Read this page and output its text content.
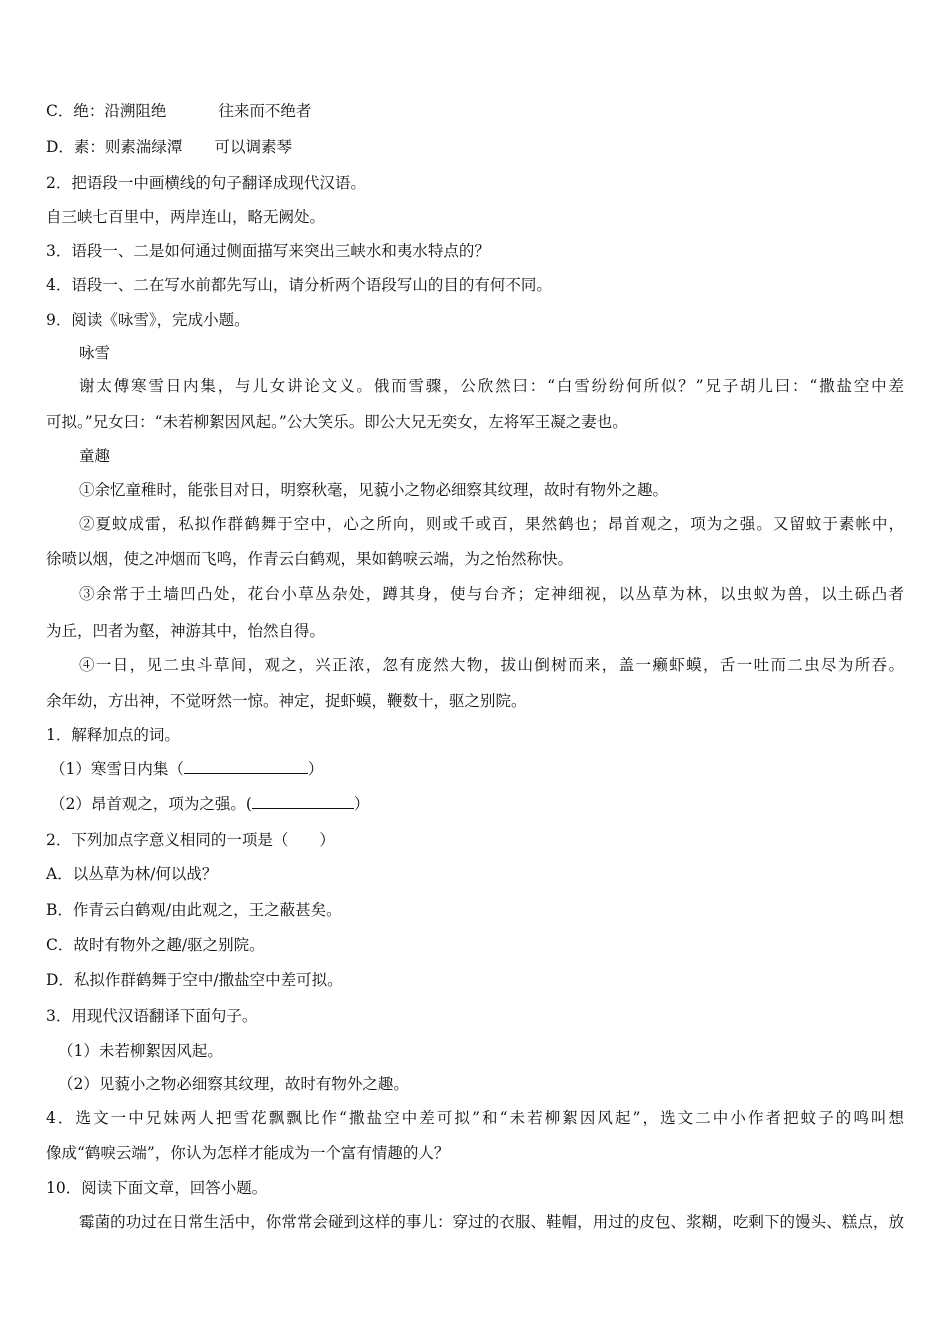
C．绝：沿溯阻绝	往来而不绝者
D．素：则素湍绿潭 可以调素琴
2．把语段一中画横线的句子翻译成现代汉语。
自三峡七百里中，两岸连山，略无阙处。
3．语段一、二是如何通过侧面描写来突出三峡水和夷水特点的？
4．语段一、二在写水前都先写山，请分析两个语段写山的目的有何不同。
9．阅读《咏雪》，完成小题。
咏雪
谢太傅寒雪日内集，与儿女讲论文义。俄而雪骤，公欣然曰：“白雪纷纷何所似？”兄子胡儿曰：“撒盐空中差
可拟。”兄女曰：“未若柳絮因风起。”公大笑乐。即公大兄无奕女，左将军王凝之妻也。
童趣
①余忆童稚时，能张目对日，明察秋毫，见藐小之物必细察其纹理，故时有物外之趣。
②夏蚊成雷，私拟作群鹤舞于空中，心之所向，则或千或百，果然鹤也；昂首观之，项为之强。又留蚊于素帐中，
徐喷以烟，使之冲烟而飞鸣，作青云白鹤观，果如鹤唳云端，为之怡然称快。
③余常于土墙凹凸处，花台小草丛杂处，蹲其身，使与台齐；定神细视，以丛草为林，以虫蚁为兽，以土砾凸者
为丘，凹者为壑，神游其中，怡然自得。
④一日，见二虫斗草间，观之，兴正浓，忽有庞然大物，拔山倒树而来，盖一癞虾蟆，舌一吐而二虫尽为所吞。
余年幼，方出神，不觉呀然一惊。神定，捉虾蟆，鞭数十，驱之别院。
1．解释加点的词。
（1）寒雪日内集（	）
（2）昂首观之，项为之强。(	）
2．下列加点字意义相同的一项是（　　）
A．以丛草为林/何以战？
B．作青云白鹤观/由此观之，王之蔽甚矣。
C．故时有物外之趣/驱之别院。
D．私拟作群鹤舞于空中/撒盐空中差可拟。
3．用现代汉语翻译下面句子。
（1）未若柳絮因风起。
（2）见藐小之物必细察其纹理，故时有物外之趣。
4．选文一中兄妹两人把雪花飘飘比作“撒盐空中差可拟”和“未若柳絮因风起”，选文二中小作者把蚊子的鸣叫想
像成“鹤唳云端”，你认为怎样才能成为一个富有情趣的人？
10．阅读下面文章，回答小题。
霉菌的功过在日常生活中，你常常会碰到这样的事儿：穿过的衣服、鞋帽，用过的皮包、浆糊，吃剩下的馒头、糕点，放
